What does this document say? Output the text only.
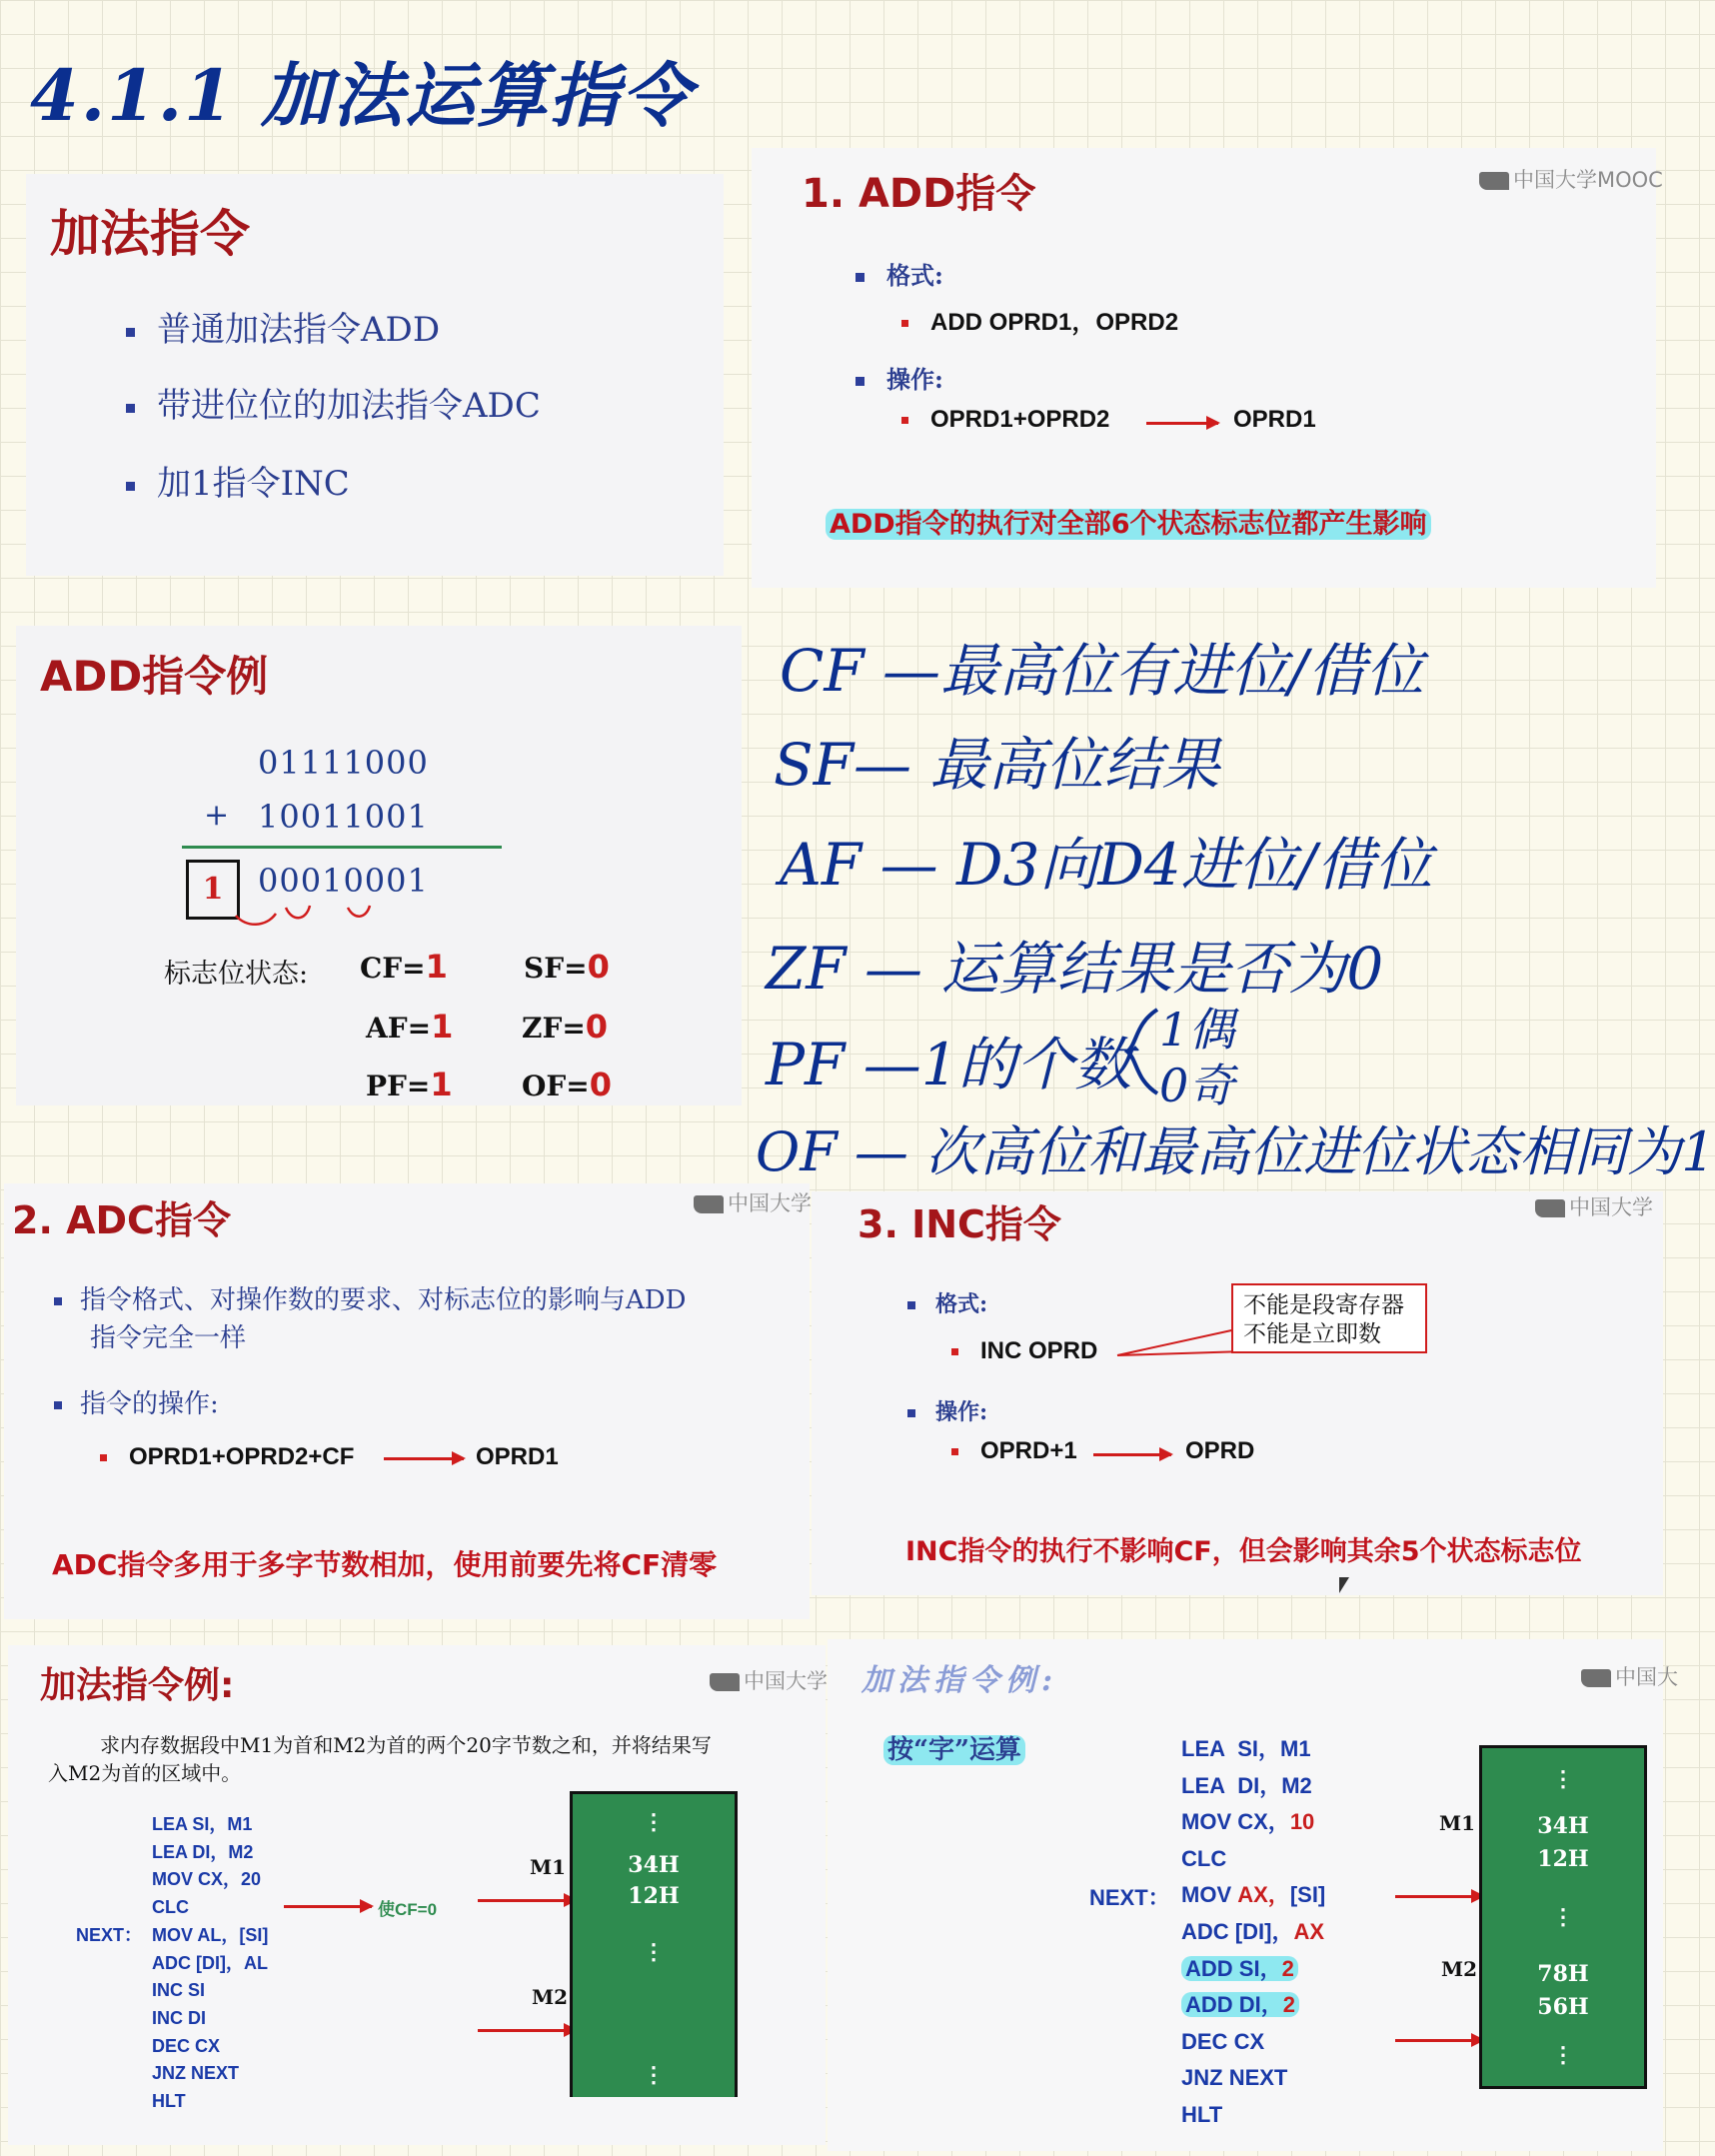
4.1.1 加法运算指令
加法指令
普通加法指令ADD
带进位位的加法指令ADC
加1指令INC
1. ADD指令	中国大学MOOC
格式:
ADD OPRD1，OPRD2
操作:
OPRD1+OPRD2	OPRD1
ADD指令的执行对全部6个状态标志位都产生影响
ADD指令例
01111000
+ 10011001
1	00010001
标志位状态: CF=1	SF=0
AF=1 ZF=0
PF=1 OF=0
CF —最高位有进位/借位
SF— 最高位结果
AF — D3向D4进位/借位
ZF — 运算结果是否为0
PF —1的个数
1偶
0奇
OF — 次高位和最高位进位状态相同为1
2. ADC指令	中国大学
指令格式、对操作数的要求、对标志位的影响与ADD
指令完全一样
指令的操作:
OPRD1+OPRD2+CF	OPRD1
ADC指令多用于多字节数相加，使用前要先将CF清零
3. INC指令	中国大学
格式:
INC OPRD
不能是段寄存器
不能是立即数
操作:
OPRD+1	OPRD
INC指令的执行不影响CF，但会影响其余5个状态标志位
加法指令例:	中国大学
求内存数据段中M1为首和M2为首的两个20字节数之和，并将结果写
入M2为首的区域中。
NEXT：
LEA SI，M1
LEA DI，M2
MOV CX，20
CLC
MOV AL，[SI]
ADC [DI]，AL
INC SI
INC DI
DEC CX
JNZ NEXT
HLT
使CF=0
M1
M2
⋮
34H
12H
⋮
⋮
加法指令例:	中国大
按“字”运算
NEXT：
LEA SI，M1
LEA DI，M2
MOV CX，10
CLC
MOV AX，[SI]
ADC [DI]，AX
ADD SI，2
ADD DI，2
DEC CX
JNZ NEXT
HLT
M1
M2
⋮
34H
12H
⋮
78H
56H
⋮
